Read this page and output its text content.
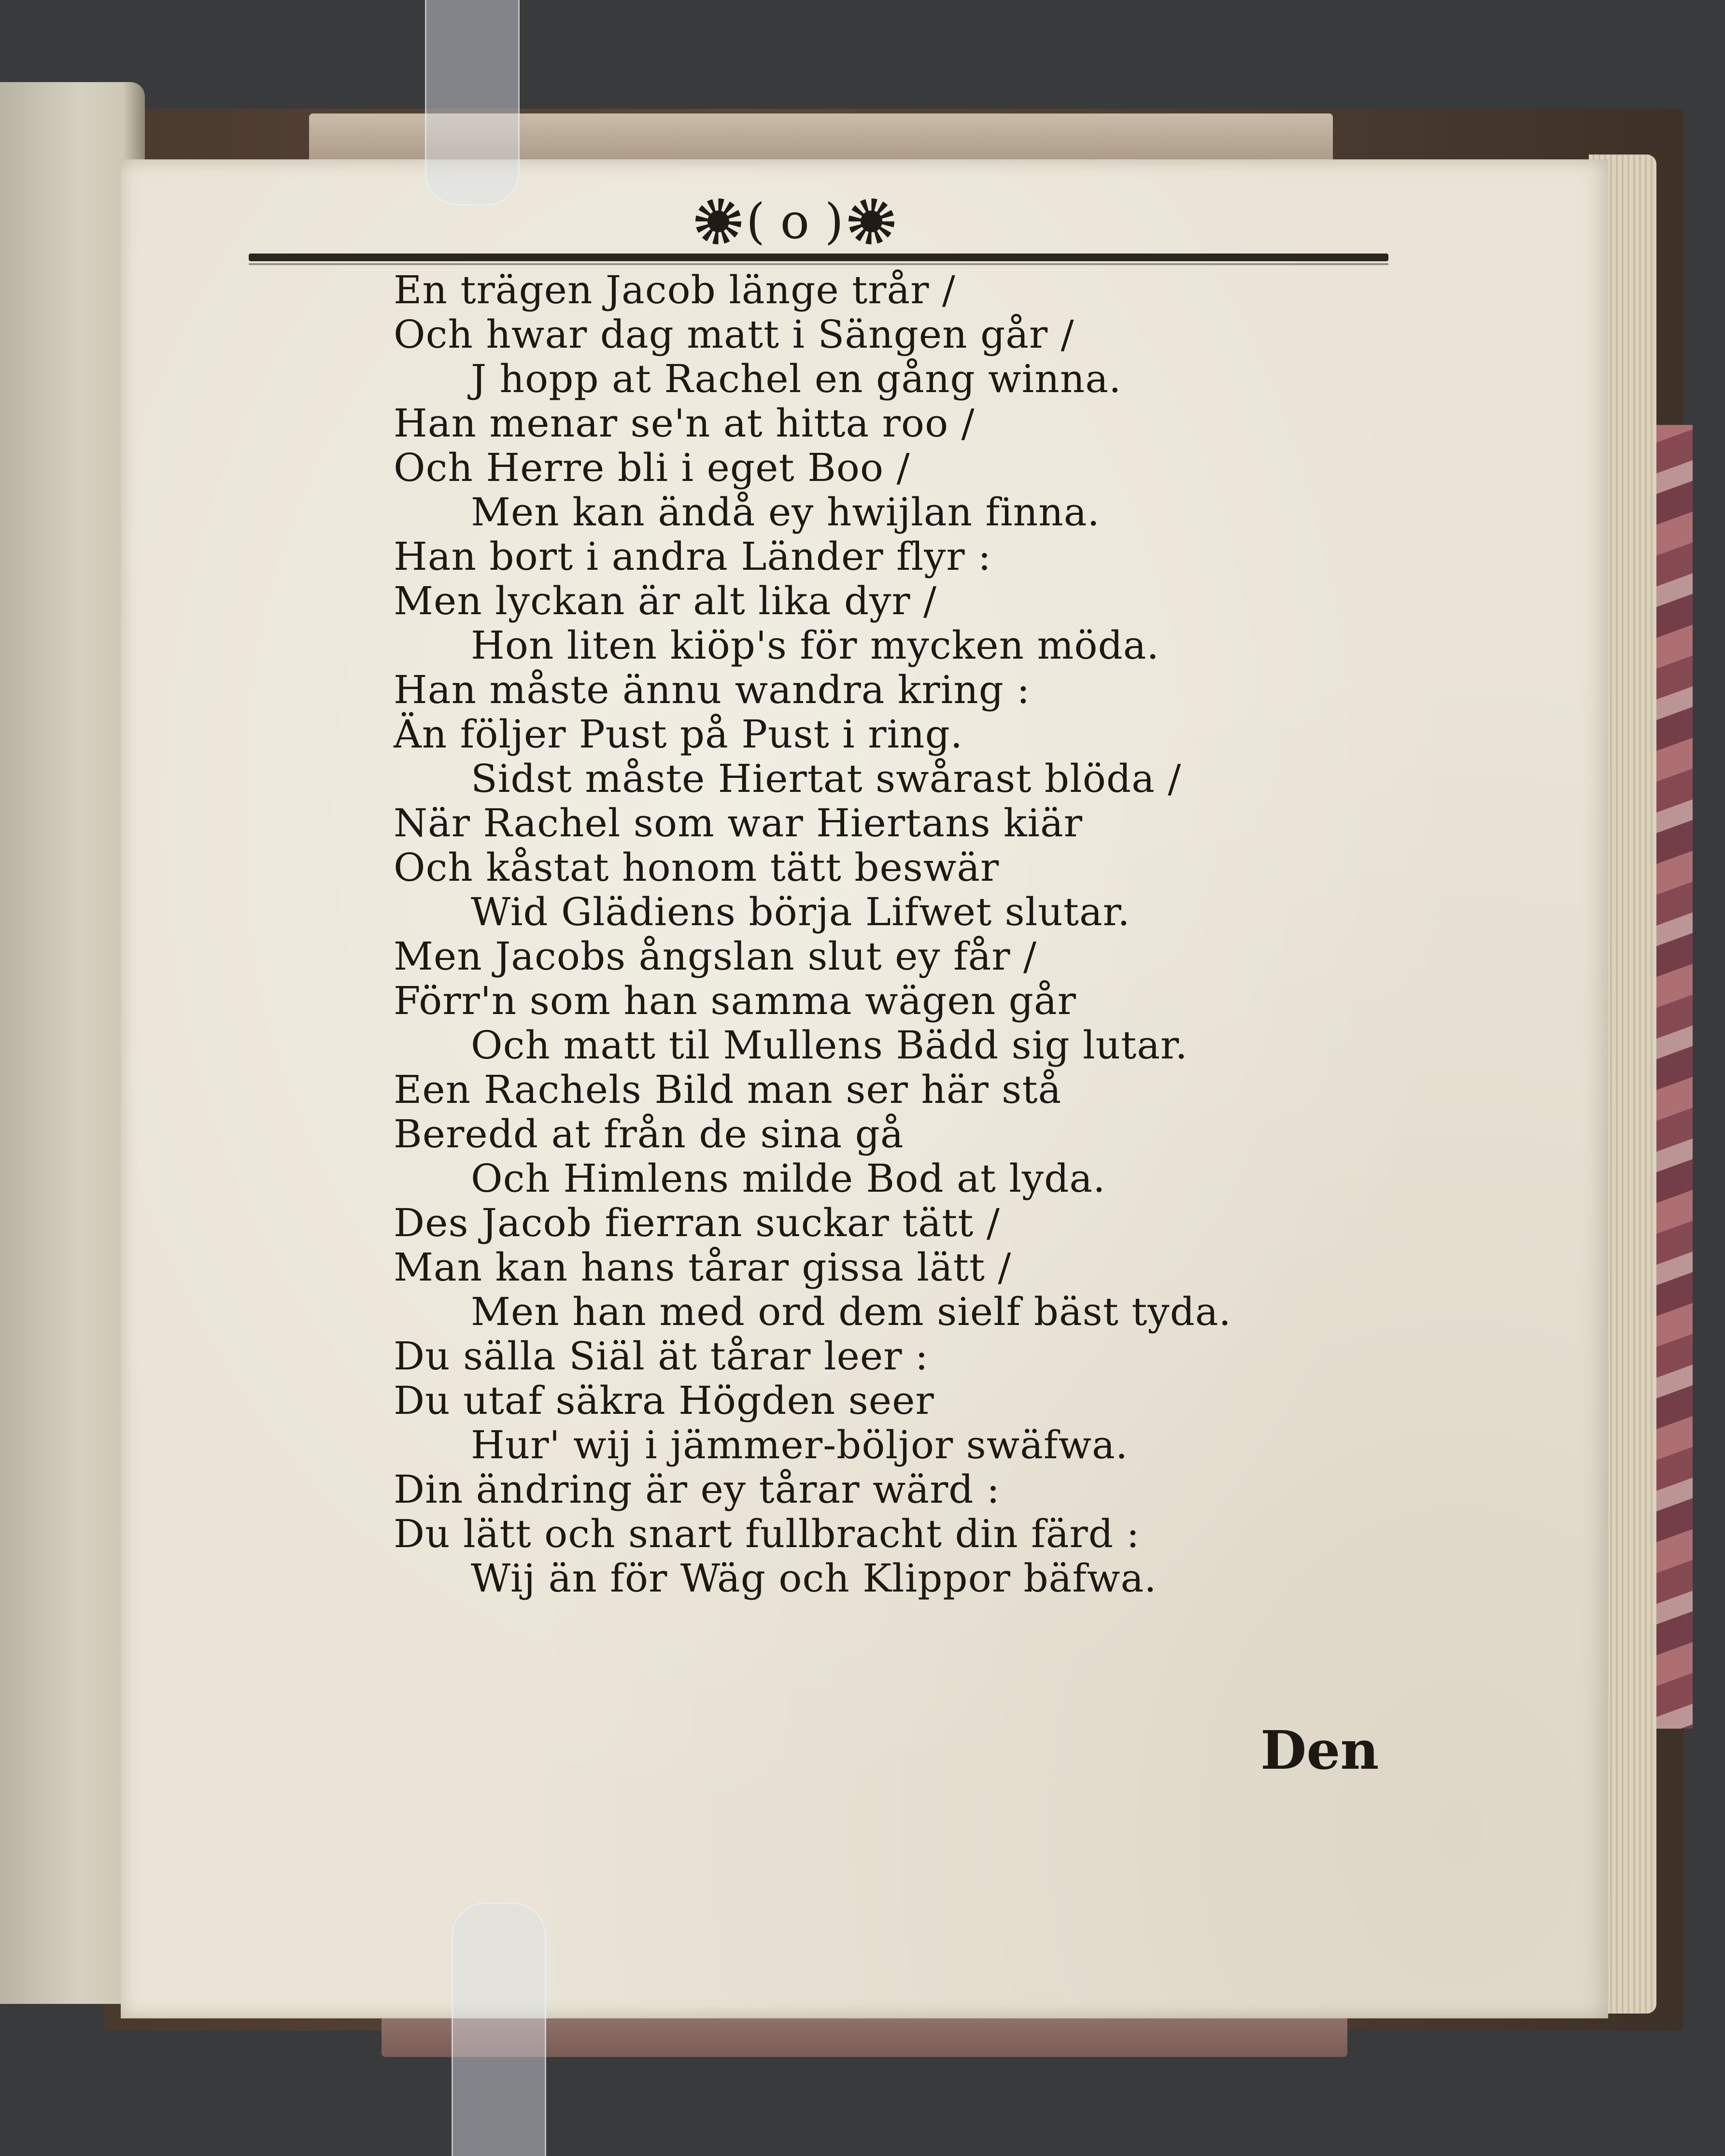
( o )
En trägen Jacob länge trår /
Och hwar dag matt i Sängen går /
J hopp at Rachel en gång winna.
Han menar se'n at hitta roo /
Och Herre bli i eget Boo /
Men kan ändå ey hwijlan finna.
Han bort i andra Länder flyr :
Men lyckan är alt lika dyr /
Hon liten kiöp's för mycken möda.
Han måste ännu wandra kring :
Än följer Pust på Pust i ring.
Sidst måste Hiertat swårast blöda /
När Rachel som war Hiertans kiär
Och kåstat honom tätt beswär
Wid Glädiens börja Lifwet slutar.
Men Jacobs ångslan slut ey får /
Förr'n som han samma wägen går
Och matt til Mullens Bädd sig lutar.
Een Rachels Bild man ser här stå
Beredd at från de sina gå
Och Himlens milde Bod at lyda.
Des Jacob fierran suckar tätt /
Man kan hans tårar gissa lätt /
Men han med ord dem sielf bäst tyda.
Du sälla Siäl ät tårar leer :
Du utaf säkra Högden seer
Hur' wij i jämmer-böljor swäfwa.
Din ändring är ey tårar wärd :
Du lätt och snart fullbracht din färd :
Wij än för Wäg och Klippor bäfwa.
Den
